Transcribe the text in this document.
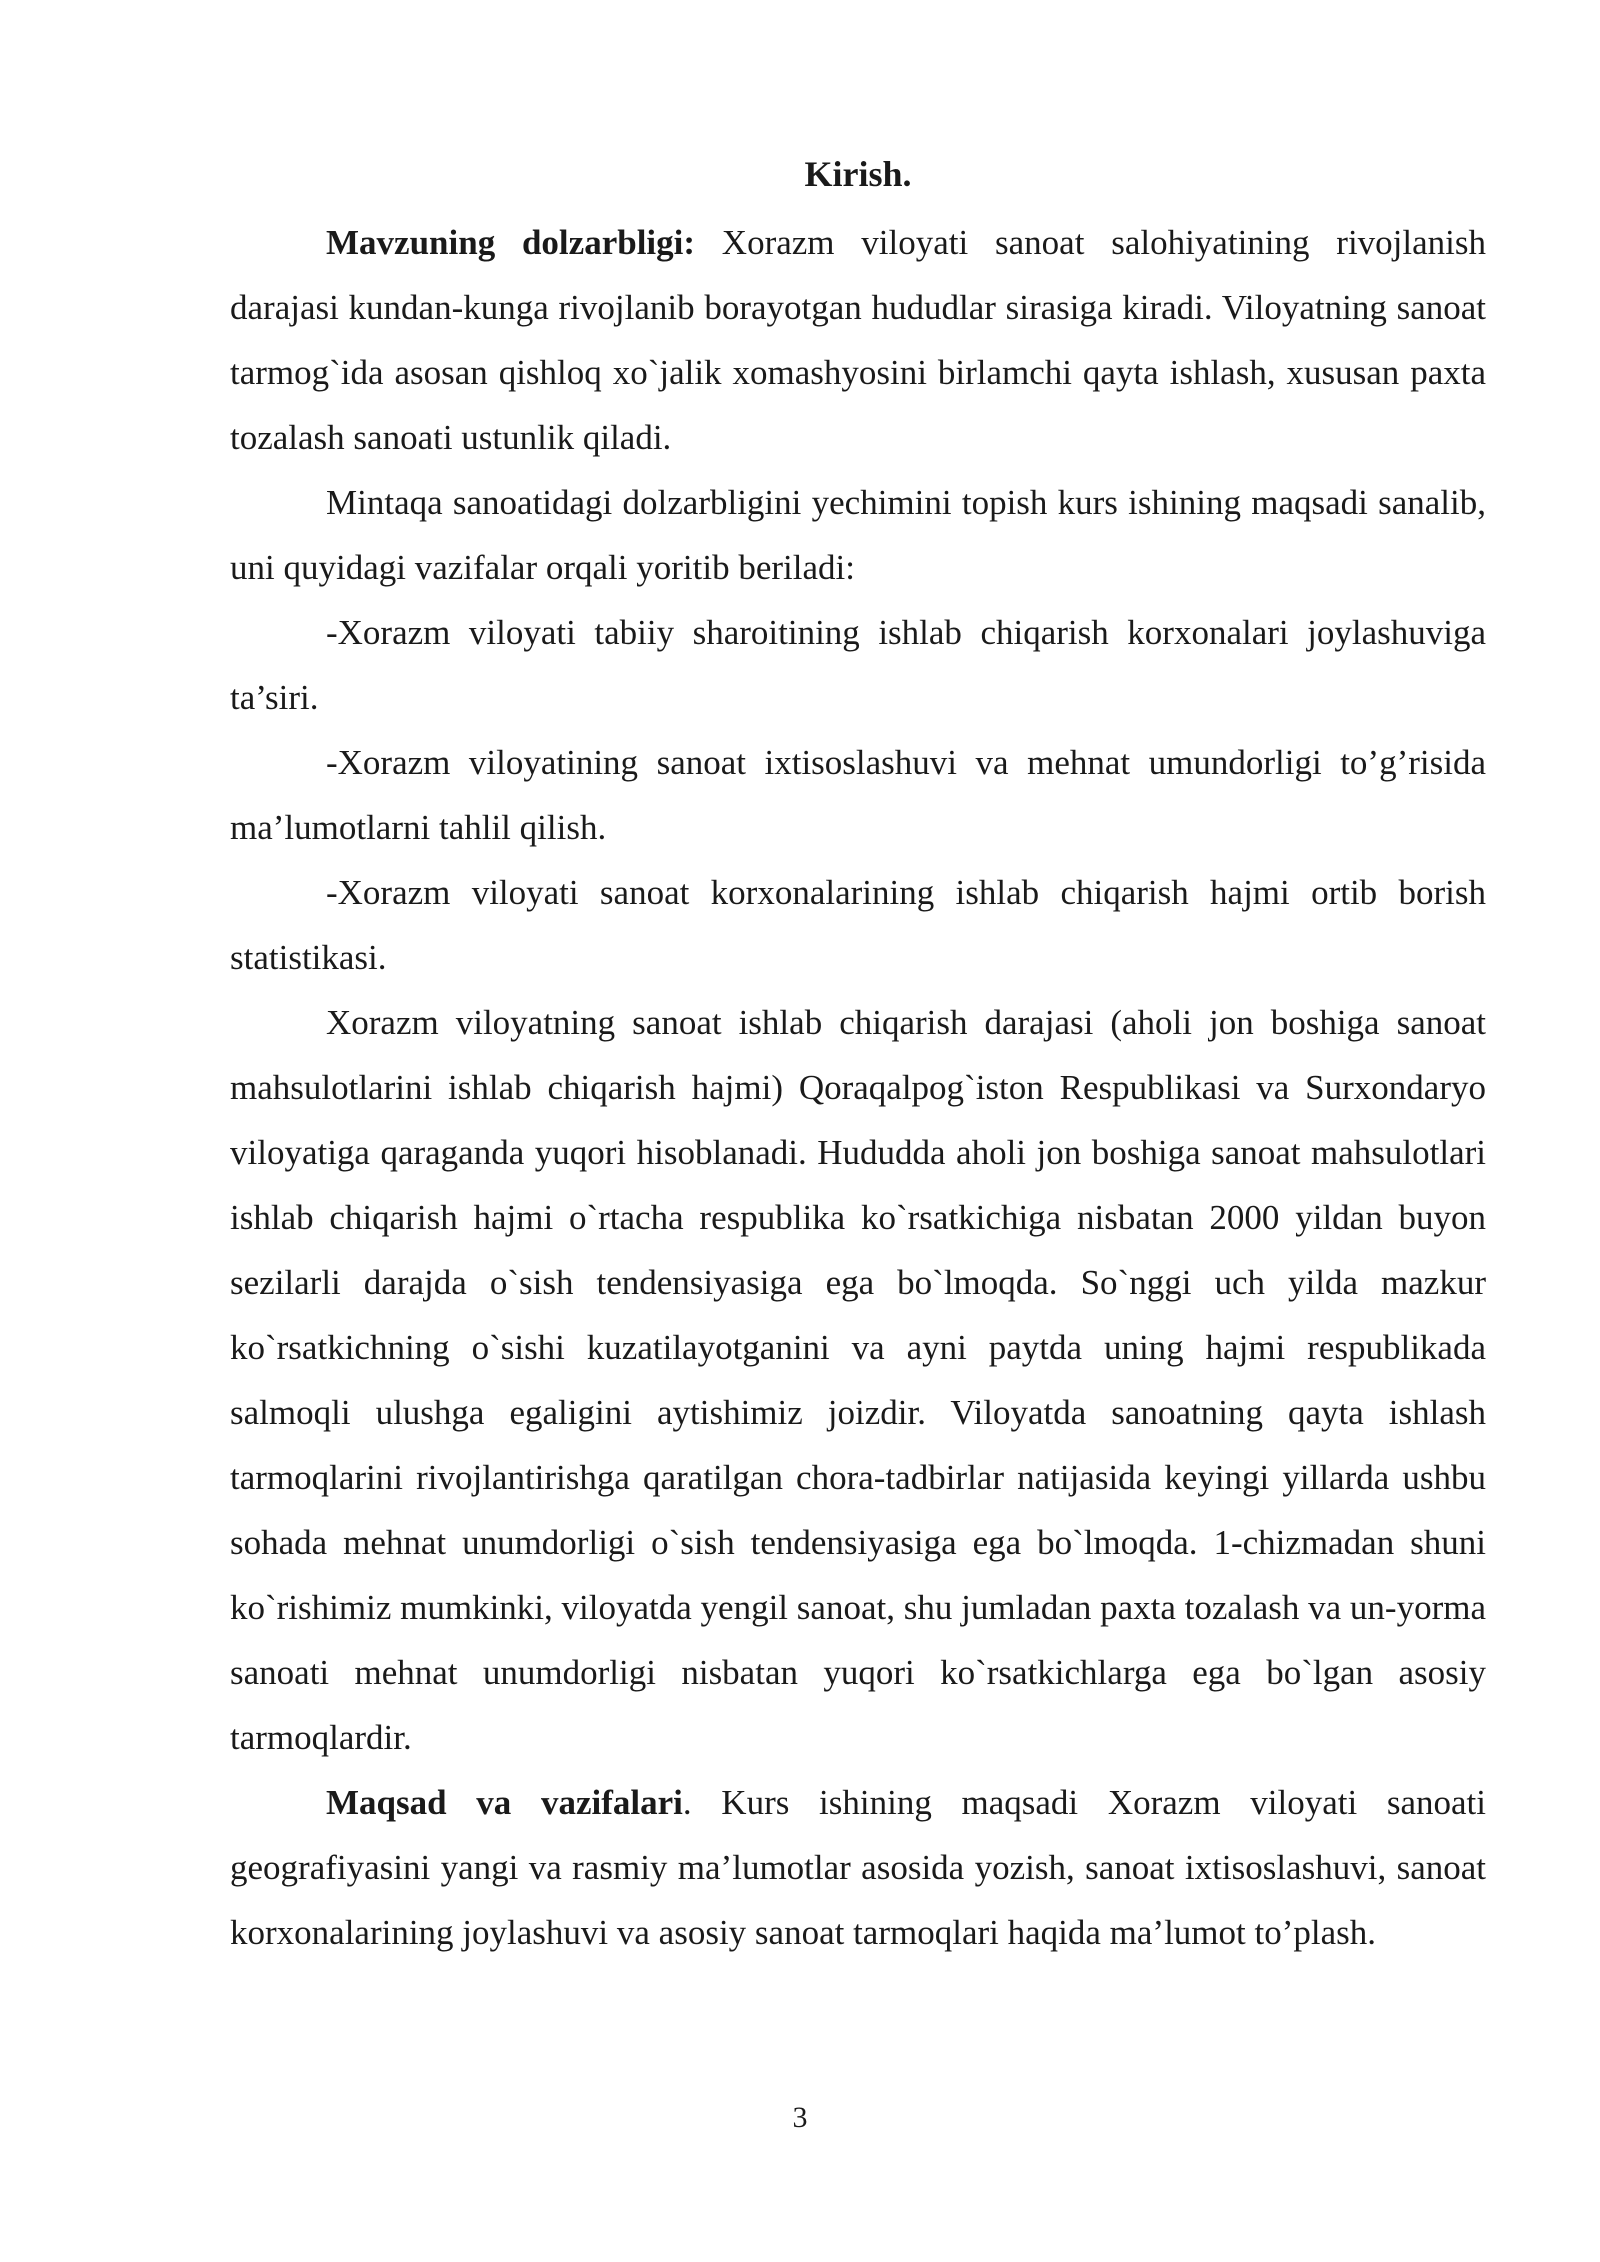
Kirish.

Mavzuning dolzarbligi: Xorazm viloyati sanoat salohiyatining rivojlanish darajasi kundan-kunga rivojlanib borayotgan hududlar sirasiga kiradi. Viloyatning sanoat tarmog`ida asosan qishloq xo`jalik xomashyosini birlamchi qayta ishlash, xususan paxta tozalash sanoati ustunlik qiladi.

Mintaqa sanoatidagi dolzarbligini yechimini topish kurs ishining maqsadi sanalib, uni quyidagi vazifalar orqali yoritib beriladi:

-Xorazm viloyati tabiiy sharoitining ishlab chiqarish korxonalari joylashuviga ta’siri.

-Xorazm viloyatining sanoat ixtisoslashuvi va mehnat umundorligi to’g’risida ma’lumotlarni tahlil qilish.

-Xorazm viloyati sanoat korxonalarining ishlab chiqarish hajmi ortib borish statistikasi.

Xorazm viloyatning sanoat ishlab chiqarish darajasi (aholi jon boshiga sanoat mahsulotlarini ishlab chiqarish hajmi) Qoraqalpog`iston Respublikasi va Surxondaryo viloyatiga qaraganda yuqori hisoblanadi. Hududda aholi jon boshiga sanoat mahsulotlari ishlab chiqarish hajmi o`rtacha respublika ko`rsatkichiga nisbatan 2000 yildan buyon sezilarli darajda o`sish tendensiyasiga ega bo`lmoqda. So`nggi uch yilda mazkur ko`rsatkichning o`sishi kuzatilayotganini va ayni paytda uning hajmi respublikada salmoqli ulushga egaligini aytishimiz joizdir. Viloyatda sanoatning qayta ishlash tarmoqlarini rivojlantirishga qaratilgan chora-tadbirlar natijasida keyingi yillarda ushbu sohada mehnat unumdorligi o`sish tendensiyasiga ega bo`lmoqda. 1-chizmadan shuni ko`rishimiz mumkinki, viloyatda yengil sanoat, shu jumladan paxta tozalash va un-yorma sanoati mehnat unumdorligi nisbatan yuqori ko`rsatkichlarga ega bo`lgan asosiy tarmoqlardir.

Maqsad va vazifalari. Kurs ishining maqsadi Xorazm viloyati sanoati geografiyasini yangi va rasmiy ma’lumotlar asosida yozish, sanoat ixtisoslashuvi, sanoat korxonalarining joylashuvi va asosiy sanoat tarmoqlari haqida ma’lumot to’plash.

3
